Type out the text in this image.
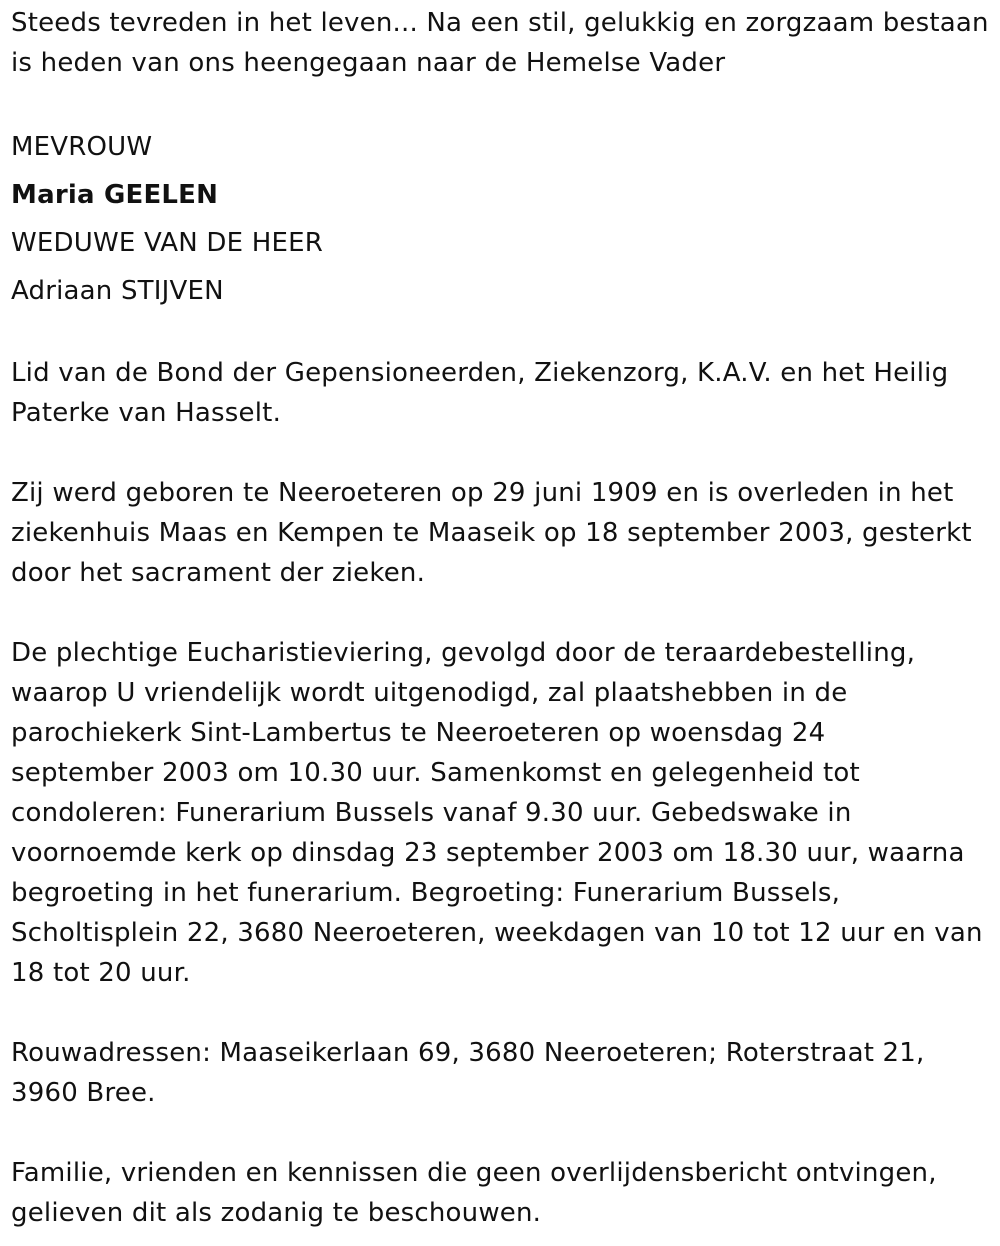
Steeds tevreden in het leven... Na een stil, gelukkig en zorgzaam bestaan

is heden van ons heengegaan naar de Hemelse Vader

MEVROUW

Maria GEELEN

WEDUWE VAN DE HEER

Adriaan STIJVEN

Lid van de Bond der Gepensioneerden, Ziekenzorg, K.A.V. en het Heilig

Paterke van Hasselt.

Zij werd geboren te Neeroeteren op 29 juni 1909 en is overleden in het

ziekenhuis Maas en Kempen te Maaseik op 18 september 2003, gesterkt

door het sacrament der zieken.

De plechtige Eucharistieviering, gevolgd door de teraardebestelling,

waarop U vriendelijk wordt uitgenodigd, zal plaatshebben in de

parochiekerk Sint-Lambertus te Neeroeteren op woensdag 24

september 2003 om 10.30 uur. Samenkomst en gelegenheid tot

condoleren: Funerarium Bussels vanaf 9.30 uur. Gebedswake in

voornoemde kerk op dinsdag 23 september 2003 om 18.30 uur, waarna

begroeting in het funerarium. Begroeting: Funerarium Bussels,

Scholtisplein 22, 3680 Neeroeteren, weekdagen van 10 tot 12 uur en van

18 tot 20 uur.

Rouwadressen: Maaseikerlaan 69, 3680 Neeroeteren; Roterstraat 21,

3960 Bree.

Familie, vrienden en kennissen die geen overlijdensbericht ontvingen,

gelieven dit als zodanig te beschouwen.
